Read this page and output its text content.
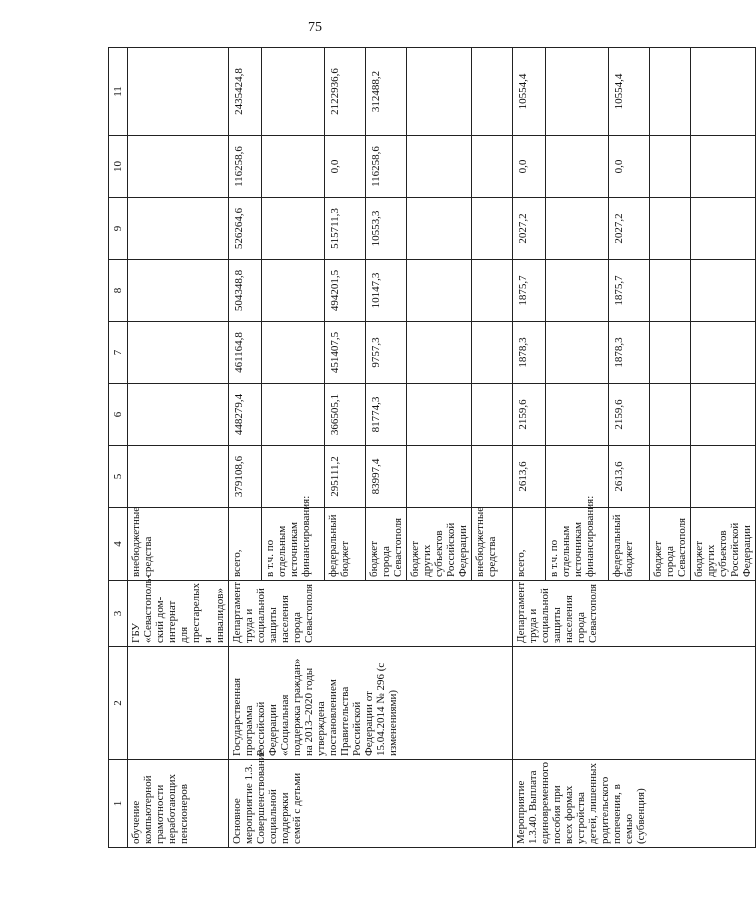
75
1	2	3	4	5	6	7	8	9	10	11
обучение компьютерной грамотности неработающих пенсионеров		ГБУ «Севастополь-ский дом-интернат для престарелых и инвалидов»	внебюджетные средства							
Основное мероприятие 1.3. Совершенствование социальной поддержки семей с детьми	Государственная программа Российской Федерации «Социальная поддержка граждан» на 2013–2020 годы утверждена постановлением Правительства Российской Федерации от 15.04.2014 № 296 (с изменениями)	Департамент труда и социальной защиты населения города Севастополя	всего,	379108,6	448279,4	461164,8	504348,8	526264,6	116258,6	2435424,8
			в т.ч. по отдельным источникам финансирования:							
			федеральный бюджет	295111,2	366505,1	451407,5	494201,5	515711,3	0,0	2122936,6
			бюджет города Севастополя	83997,4	81774,3	9757,3	10147,3	10553,3	116258,6	312488,2
			бюджет других субъектов Российской Федерации							
			внебюджетные средства							
Мероприятие 1.3.40. Выплата единовременного пособия при всех формах устройства детей, лишенных родительского попечения, в семью (субвенция)		Департамент труда и социальной защиты населения города Севастополя	всего,	2613,6	2159,6	1878,3	1875,7	2027,2	0,0	10554,4
			в т.ч. по отдельным источникам финансирования:							
			федеральный бюджет	2613,6	2159,6	1878,3	1875,7	2027,2	0,0	10554,4
			бюджет города Севастополя							
			бюджет других субъектов Российской Федерации							
